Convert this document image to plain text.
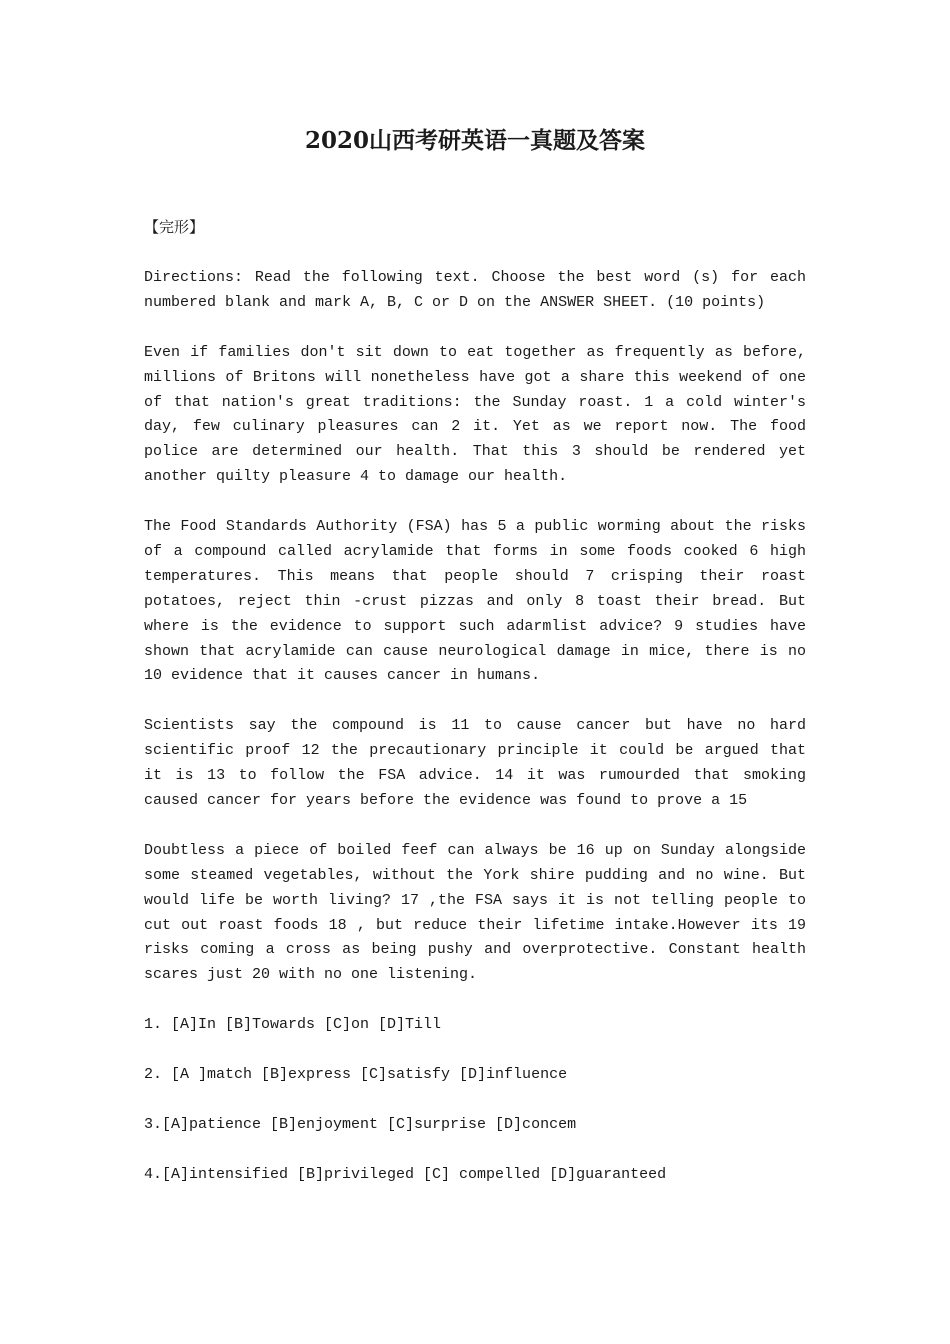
2020山西考研英语一真题及答案
【完形】

Directions: Read the following text. Choose the best word (s) for each numbered blank and mark A, B, C or D on the ANSWER SHEET. (10 points)

Even if families don't sit down to eat together as frequently as before, millions of Britons will nonetheless have got a share this weekend of one of that nation's great traditions: the Sunday roast. 1 a cold winter's day, few culinary pleasures can 2 it. Yet as we report now. The food police are determined our health. That this 3 should be rendered yet another quilty pleasure 4 to damage our health.

The Food Standards Authority (FSA) has 5 a public worming about the risks of a compound called acrylamide that forms in some foods cooked 6 high temperatures. This means that people should 7 crisping their roast potatoes, reject thin -crust pizzas and only 8 toast their bread. But where is the evidence to support such adarmlist advice? 9 studies have shown that acrylamide can cause neurological damage in mice, there is no 10 evidence that it causes cancer in humans.

Scientists say the compound is 11 to cause cancer but have no hard scientific proof 12 the precautionary principle it could be argued that it is 13 to follow the FSA advice. 14 it was rumourded that smoking caused cancer for years before the evidence was found to prove a 15

Doubtless a piece of boiled feef can always be 16 up on Sunday alongside some steamed vegetables, without the York shire pudding and no wine. But would life be worth living? 17 ,the FSA says it is not telling people to cut out roast foods 18 , but reduce their lifetime intake.However its 19 risks coming a cross as being pushy and overprotective. Constant health scares just 20 with no one listening.

1. [A]In [B]Towards [C]on [D]Till

2. [A ]match [B]express [C]satisfy [D]influence

3.[A]patience [B]enjoyment [C]surprise [D]concem

4.[A]intensified [B]privileged [C] compelled [D]guaranteed
